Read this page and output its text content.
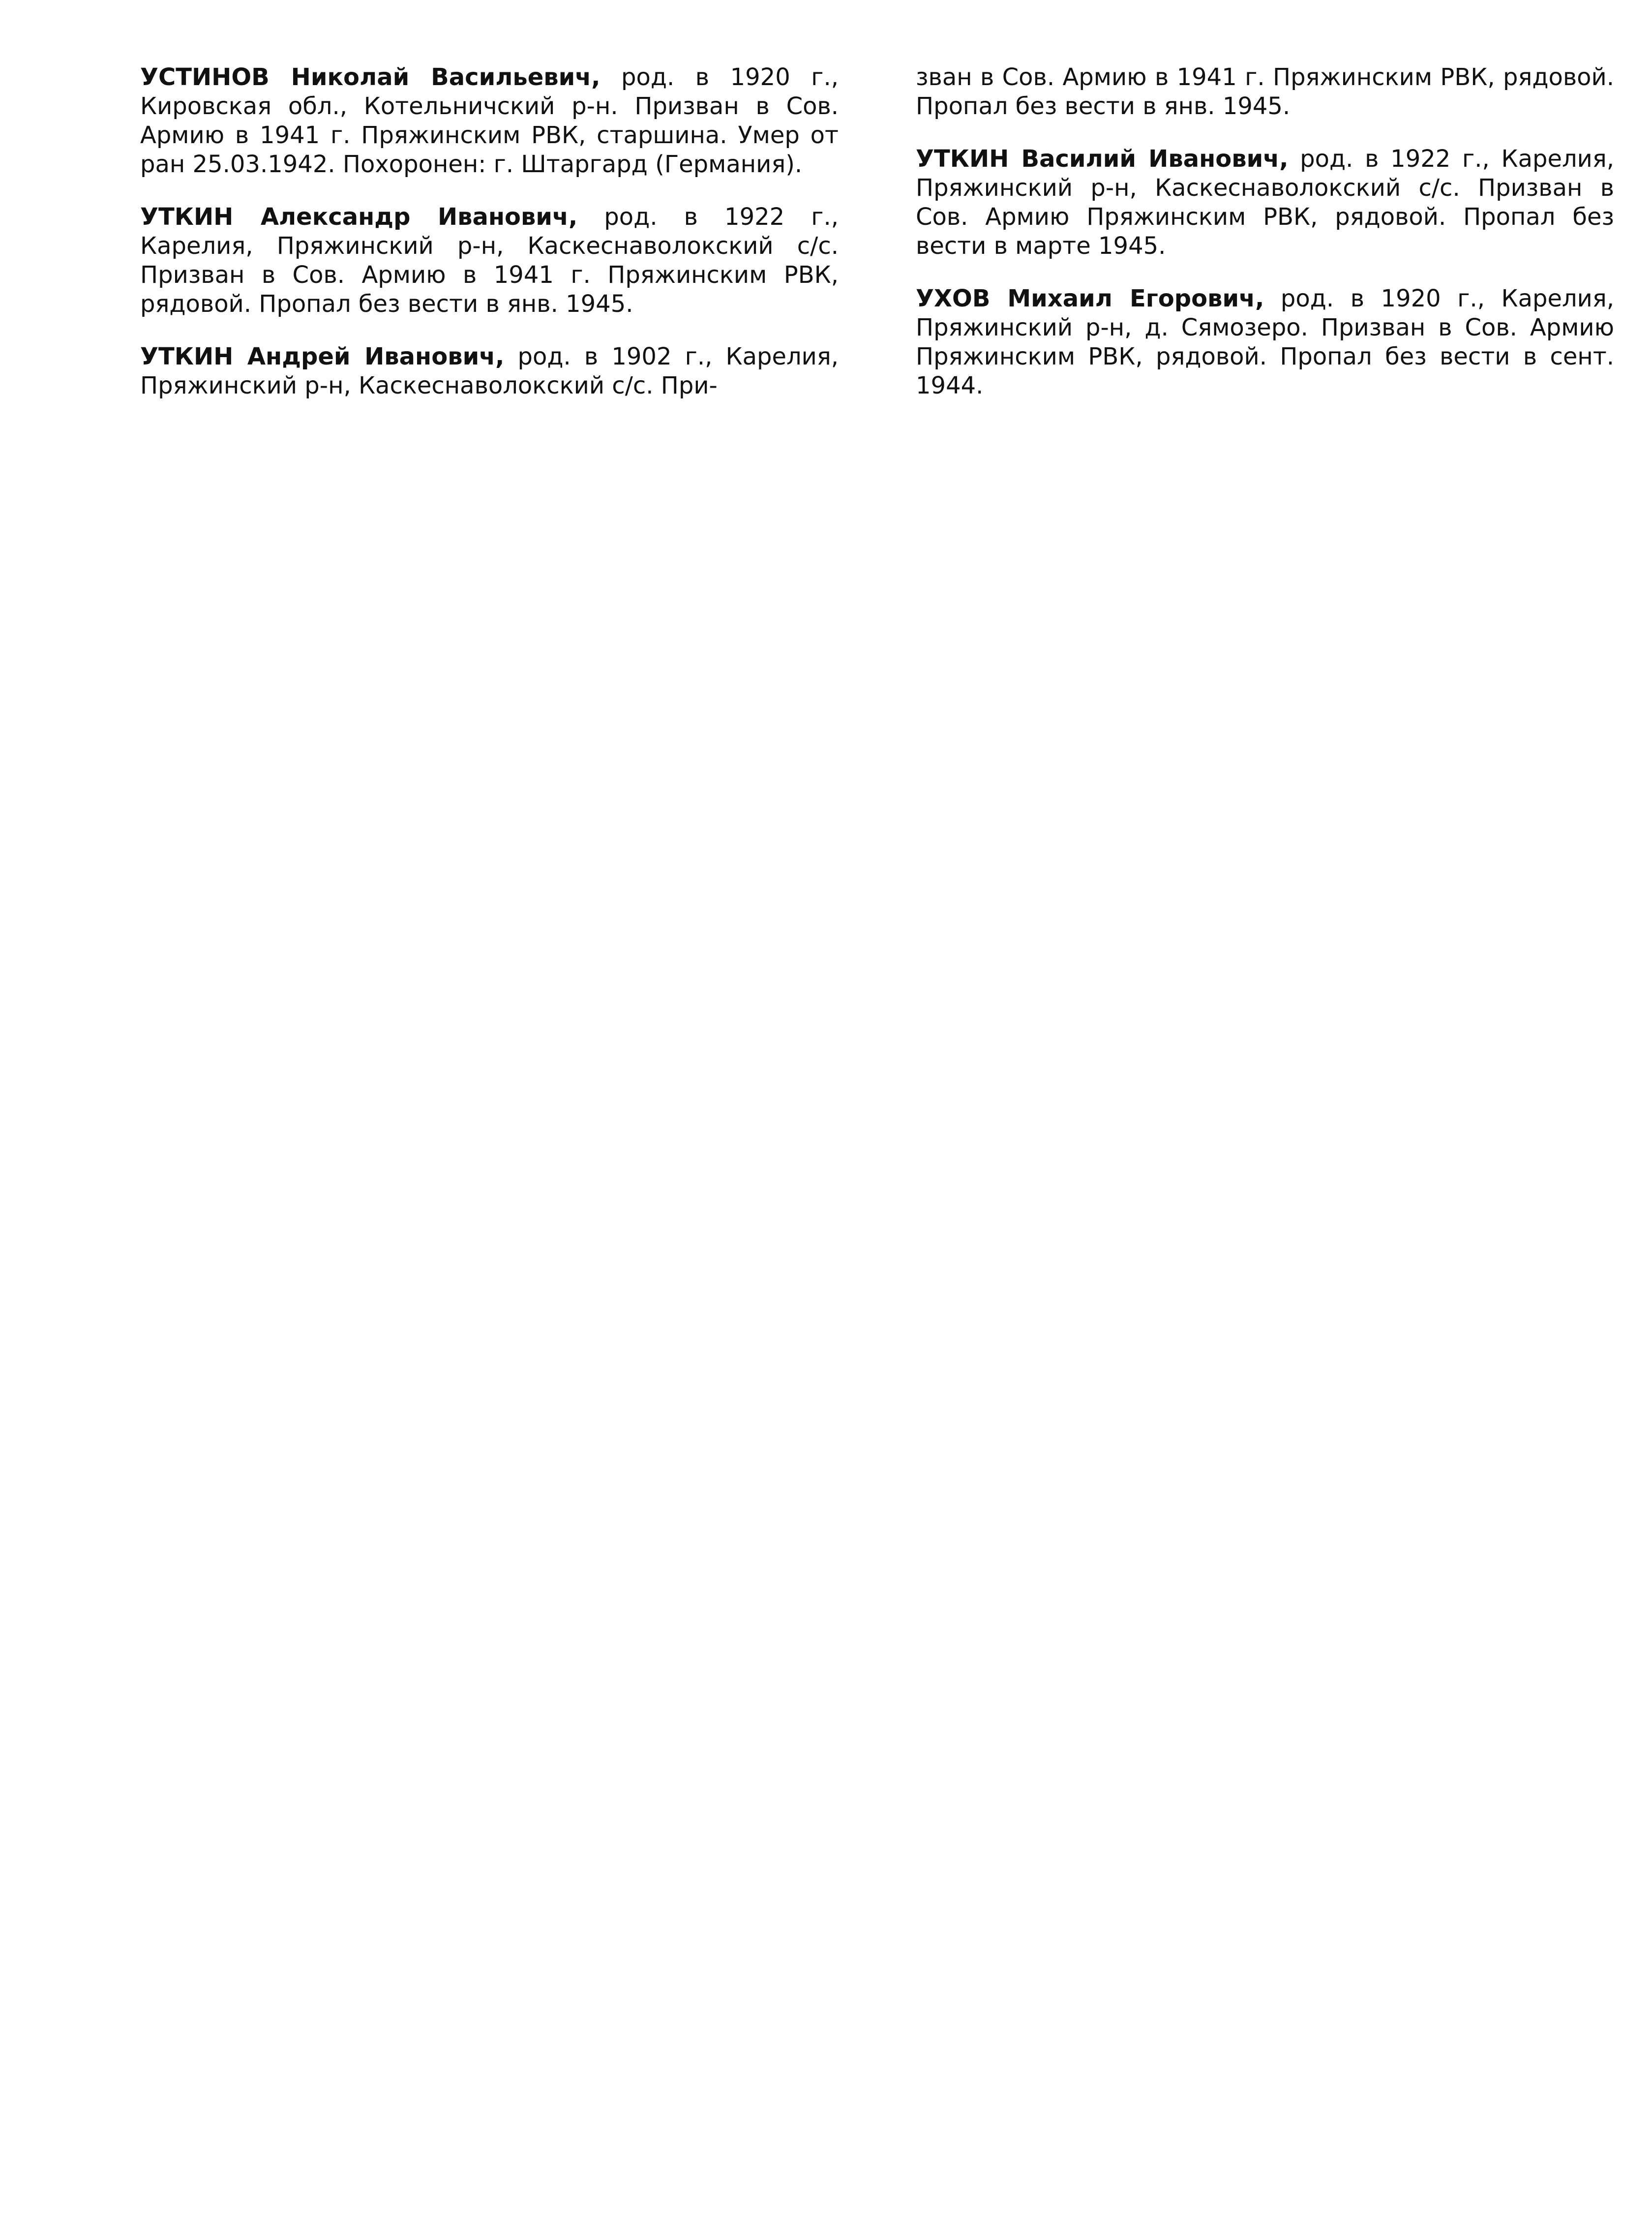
УСТИНОВ Николай Васильевич, род. в 1920 г., Кировская обл., Котельничский р-н. Призван в Сов. Армию в 1941 г. Пряжинским РВК, старшина. Умер от ран 25.03.1942. Похоронен: г. Штаргард (Германия).

УТКИН Александр Иванович, род. в 1922 г., Карелия, Пряжинский р-н, Каскеснаволокский с/с. Призван в Сов. Армию в 1941 г. Пряжинским РВК, рядовой. Пропал без вести в янв. 1945.

УТКИН Андрей Иванович, род. в 1902 г., Карелия, Пряжинский р-н, Каскеснаволокский с/с. При-

зван в Сов. Армию в 1941 г. Пряжинским РВК, рядовой. Пропал без вести в янв. 1945.

УТКИН Василий Иванович, род. в 1922 г., Карелия, Пряжинский р-н, Каскеснаволокский с/с. Призван в Сов. Армию Пряжинским РВК, рядовой. Пропал без вести в марте 1945.

УХОВ Михаил Егорович, род. в 1920 г., Карелия, Пряжинский р-н, д. Сямозеро. Призван в Сов. Армию Пряжинским РВК, рядовой. Пропал без вести в сент. 1944.
